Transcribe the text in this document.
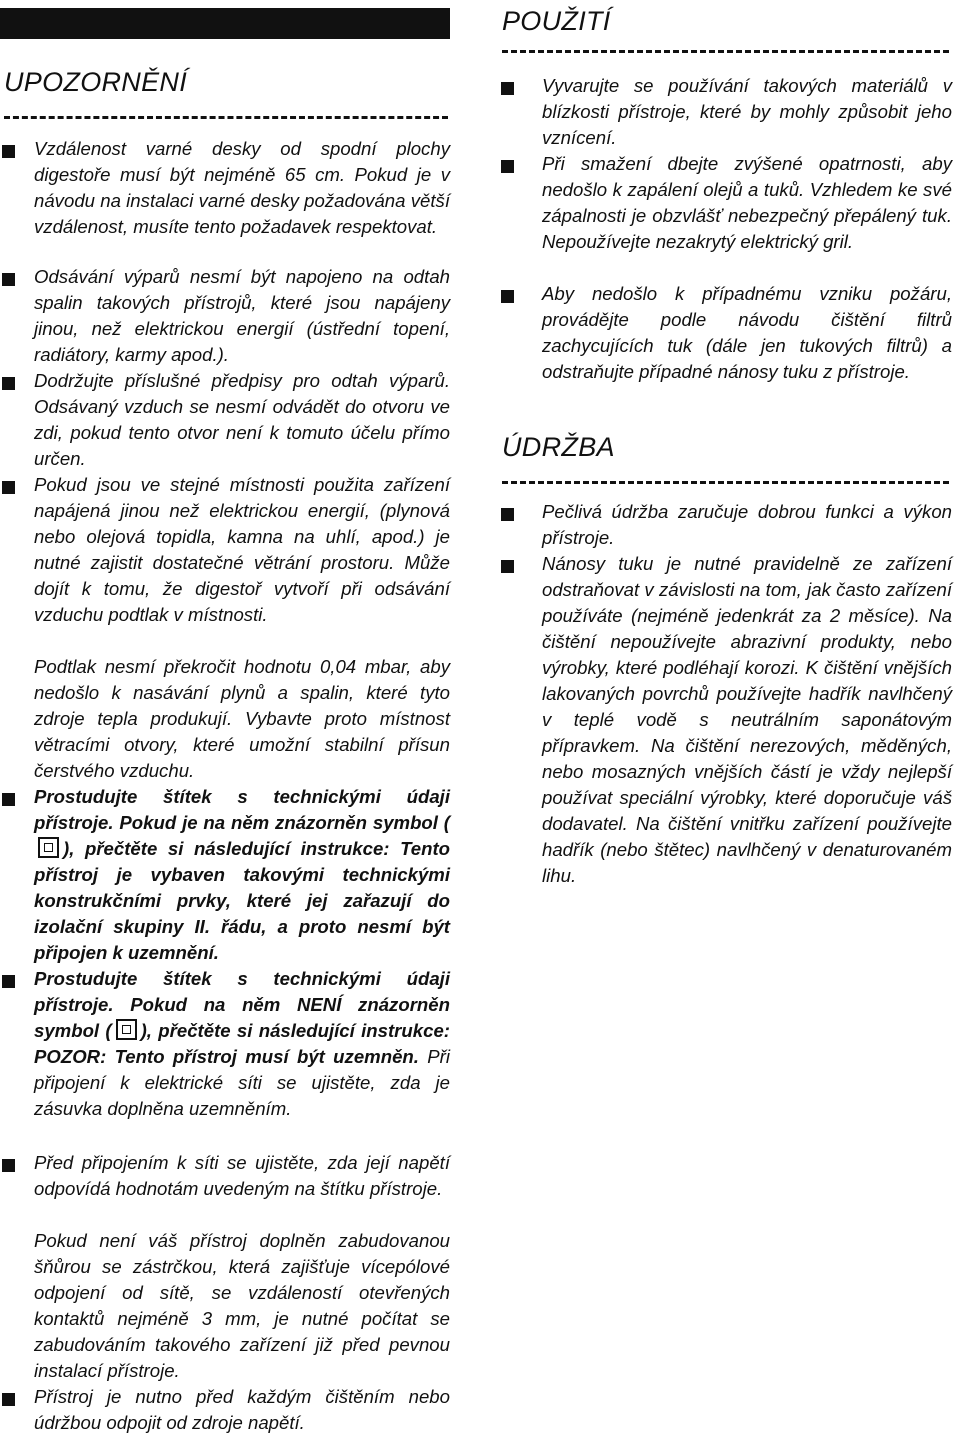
UPOZORNĚNÍ
Vzdálenost varné desky od spodní plochy digestoře musí být nejméně 65 cm. Pokud je v návodu na instalaci varné desky požadována větší vzdálenost, musíte tento požadavek respektovat.
Odsávání výparů nesmí být napojeno na odtah spalin takových přístrojů, které jsou napájeny jinou, než elektrickou energií (ústřední topení, radiátory, karmy apod.).
Dodržujte příslušné předpisy pro odtah výparů. Odsávaný vzduch se nesmí odvádět do otvoru ve zdi, pokud tento otvor není k tomuto účelu přímo určen.
Pokud jsou ve stejné místnosti použita zařízení napájená jinou než elektrickou energií, (plynová nebo olejová topidla, kamna na uhlí, apod.) je nutné zajistit dostatečné větrání prostoru. Může dojít k tomu, že digestoř vytvoří při odsávání vzduchu podtlak v místnosti.
Podtlak nesmí překročit hodnotu 0,04 mbar, aby nedošlo k nasávání plynů a spalin, které tyto zdroje tepla produkují. Vybavte proto místnost větracími otvory, které umožní stabilní přísun čerstvého vzduchu.
Prostudujte štítek s technickými údaji přístroje. Pokud je na něm znázorněn symbol (), přečtěte si následující instrukce: Tento přístroj je vybaven takovými technickými konstrukčními prvky, které jej zařazují do izolační skupiny II. řádu, a proto nesmí být připojen k uzemnění.
Prostudujte štítek s technickými údaji přístroje. Pokud na něm NENÍ znázorněn symbol ( ), přečtěte si následující instrukce: POZOR: Tento přístroj musí být uzemněn. Při připojení k elektrické síti se ujistěte, zda je zásuvka doplněna uzemněním.
Před připojením k síti se ujistěte, zda její napětí odpovídá hodnotám uvedeným na štítku přístroje.
Pokud není váš přístroj doplněn zabudovanou šňůrou se zástrčkou, která zajišťuje vícepólové odpojení od sítě, se vzdáleností otevřených kontaktů nejméně 3 mm, je nutné počítat se zabudováním takového zařízení již před pevnou instalací přístroje.
Přístroj je nutno před každým čištěním nebo údržbou odpojit od zdroje napětí.
POUŽITÍ
Vyvarujte se používání takových materiálů v blízkosti přístroje, které by mohly způsobit jeho vznícení.
Při smažení dbejte zvýšené opatrnosti, aby nedošlo k zapálení olejů a tuků. Vzhledem ke své zápalnosti je obzvlášť nebezpečný přepálený tuk. Nepoužívejte nezakrytý elektrický gril.
Aby nedošlo k případnému vzniku požáru, provádějte podle návodu čištění filtrů zachycujících tuk (dále jen tukových filtrů) a odstraňujte případné nánosy tuku z přístroje.
ÚDRŽBA
Pečlivá údržba zaručuje dobrou funkci a výkon přístroje.
Nánosy tuku je nutné pravidelně ze zařízení odstraňovat v závislosti na tom, jak často zařízení používáte (nejméně jedenkrát za 2 měsíce). Na čištění nepoužívejte abrazivní produkty, nebo výrobky, které podléhají korozi. K čištění vnějších lakovaných povrchů používejte hadřík navlhčený v teplé vodě s neutrálním saponátovým přípravkem. Na čištění nerezových, měděných, nebo mosazných vnějších částí je vždy nejlepší používat speciální výrobky, které doporučuje váš dodavatel. Na čištění vnitřku zařízení používejte hadřík (nebo štětec) navlhčený v denaturovaném lihu.
